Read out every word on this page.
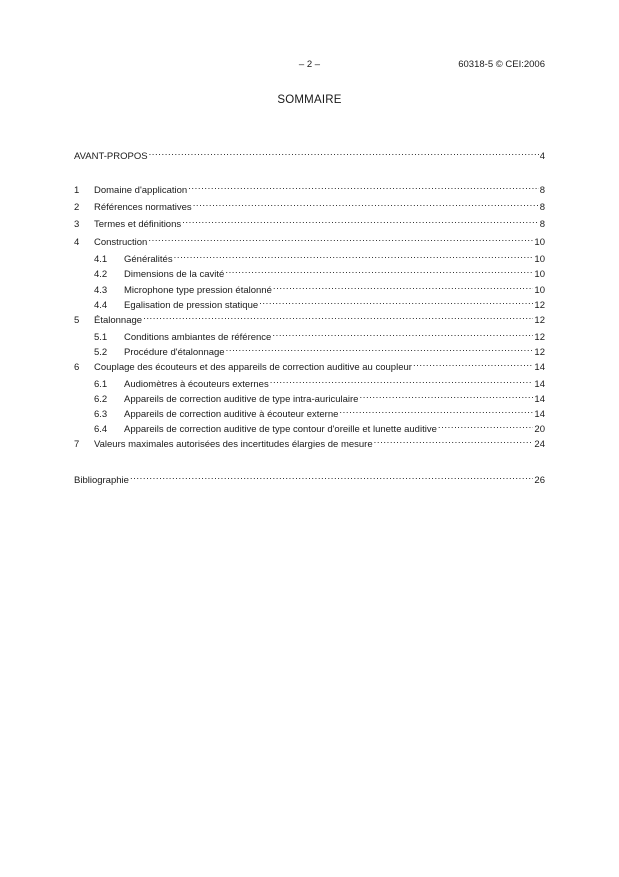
– 2 –	60318-5 © CEI:2006
SOMMAIRE
AVANT-PROPOS .....	4
1	Domaine d'application .....	8
2	Références normatives .....	8
3	Termes et définitions .....	8
4	Construction .....	10
4.1	Généralités .....	10
4.2	Dimensions de la cavité .....	10
4.3	Microphone type pression étalonné .....	10
4.4	Egalisation de pression statique .....	12
5	Étalonnage .....	12
5.1	Conditions ambiantes de référence .....	12
5.2	Procédure d'étalonnage .....	12
6	Couplage des écouteurs et des appareils de correction auditive au coupleur .....	14
6.1	Audiomètres à écouteurs externes .....	14
6.2	Appareils de correction auditive de type intra-auriculaire .....	14
6.3	Appareils de correction auditive à écouteur externe .....	14
6.4	Appareils de correction auditive de type contour d'oreille et lunette auditive .....	20
7	Valeurs maximales autorisées des incertitudes élargies de mesure .....	24
Bibliographie .....	26
